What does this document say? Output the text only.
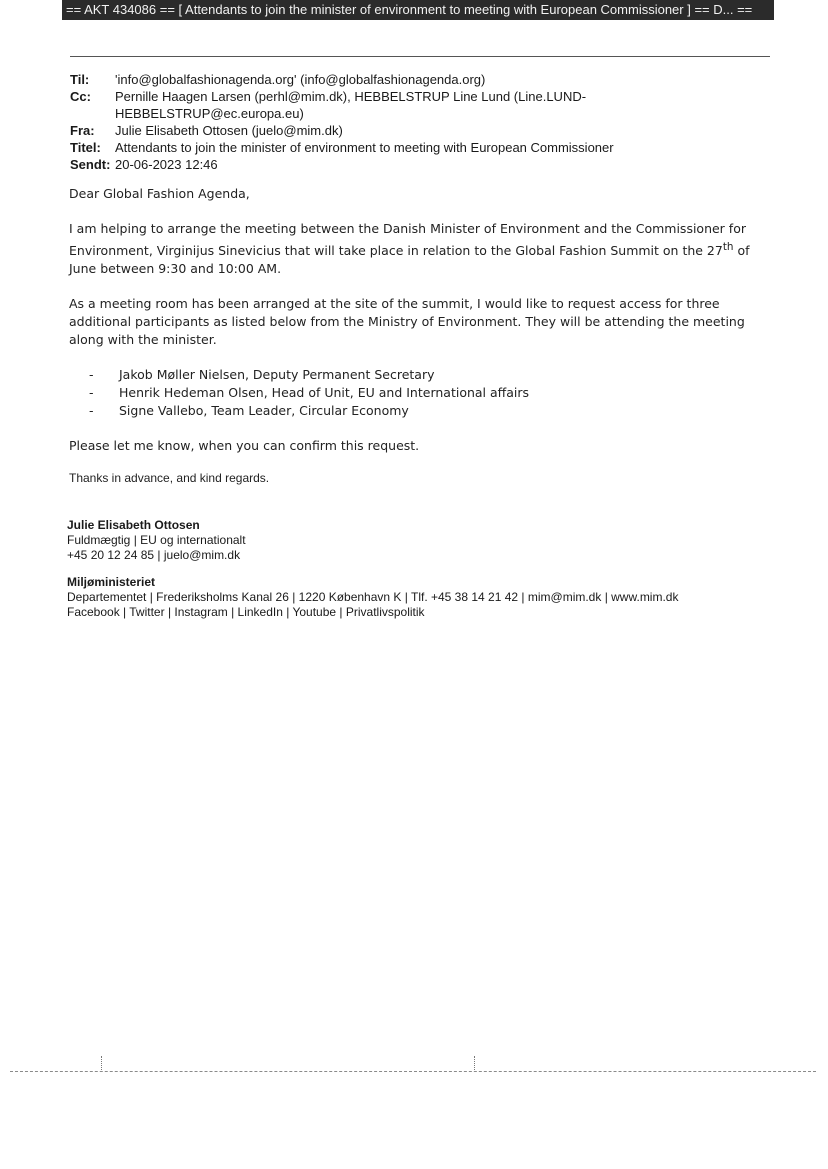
== AKT 434086 == [ Attendants to join the minister of environment to meeting with European Commissioner ] == D... ==
Til:	'info@globalfashionagenda.org' (info@globalfashionagenda.org)
Cc:	Pernille Haagen Larsen (perhl@mim.dk), HEBBELSTRUP Line Lund (Line.LUND-HEBBELSTRUP@ec.europa.eu)
Fra:	Julie Elisabeth Ottosen (juelo@mim.dk)
Titel:	Attendants to join the minister of environment to meeting with European Commissioner
Sendt: 20-06-2023 12:46

Dear Global Fashion Agenda,

I am helping to arrange the meeting between the Danish Minister of Environment and the Commissioner for Environment, Virginijus Sinevicius that will take place in relation to the Global Fashion Summit on the 27th of June between 9:30 and 10:00 AM.

As a meeting room has been arranged at the site of the summit, I would like to request access for three additional participants as listed below from the Ministry of Environment. They will be attending the meeting along with the minister.

-	Jakob Møller Nielsen, Deputy Permanent Secretary
-	Henrik Hedeman Olsen, Head of Unit, EU and International affairs
-	Signe Vallebo, Team Leader, Circular Economy

Please let me know, when you can confirm this request.

Thanks in advance, and kind regards.

Julie Elisabeth Ottosen
Fuldmægtig | EU og internationalt
+45 20 12 24 85 | juelo@mim.dk
Miljøministeriet
Departementet | Frederiksholms Kanal 26 | 1220 København K | Tlf. +45 38 14 21 42 | mim@mim.dk | www.mim.dk
Facebook | Twitter | Instagram | LinkedIn | Youtube | Privatlivspolitik
